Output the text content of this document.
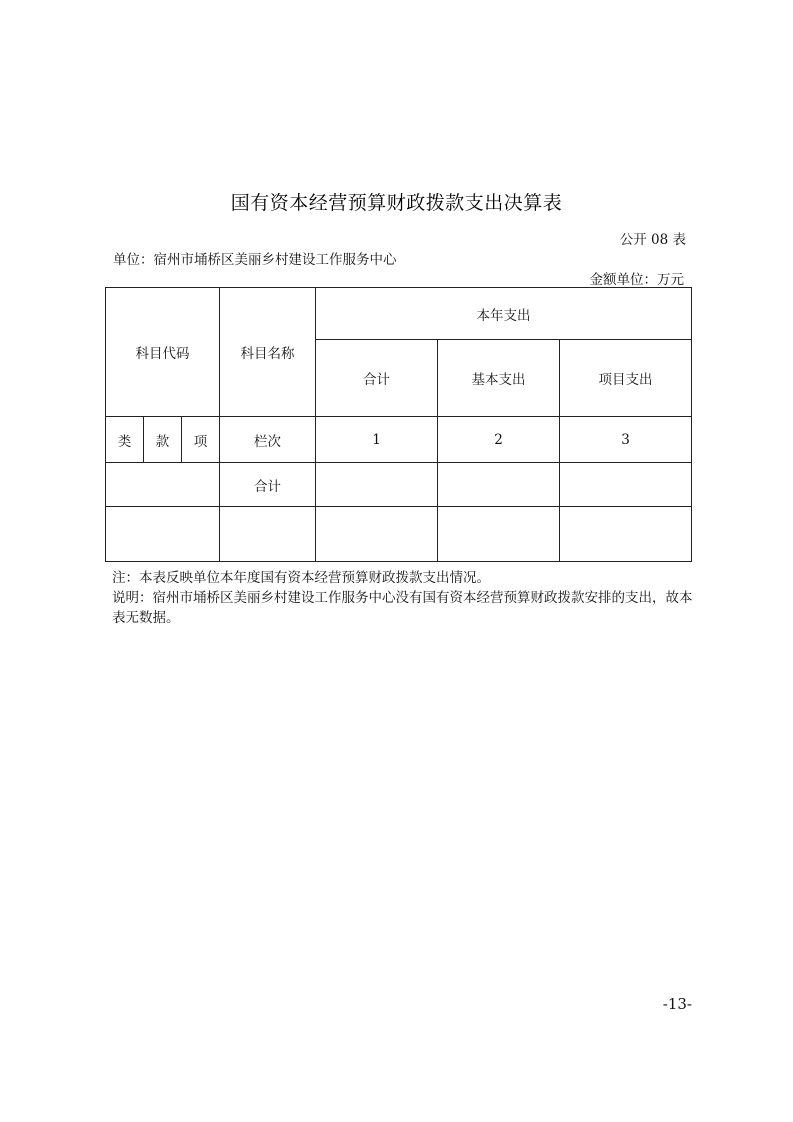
国有资本经营预算财政拨款支出决算表
公开 08 表
单位：宿州市埇桥区美丽乡村建设工作服务中心
金额单位：万元
科目代码			科目名称	本年支出		
				合计	基本支出	项目支出
类	款	项	栏次	1	2	3
			合计			

注：本表反映单位本年度国有资本经营预算财政拨款支出情况。

说明：宿州市埇桥区美丽乡村建设工作服务中心没有国有资本经营预算财政拨款安排的支出，故本表无数据。

-13-
